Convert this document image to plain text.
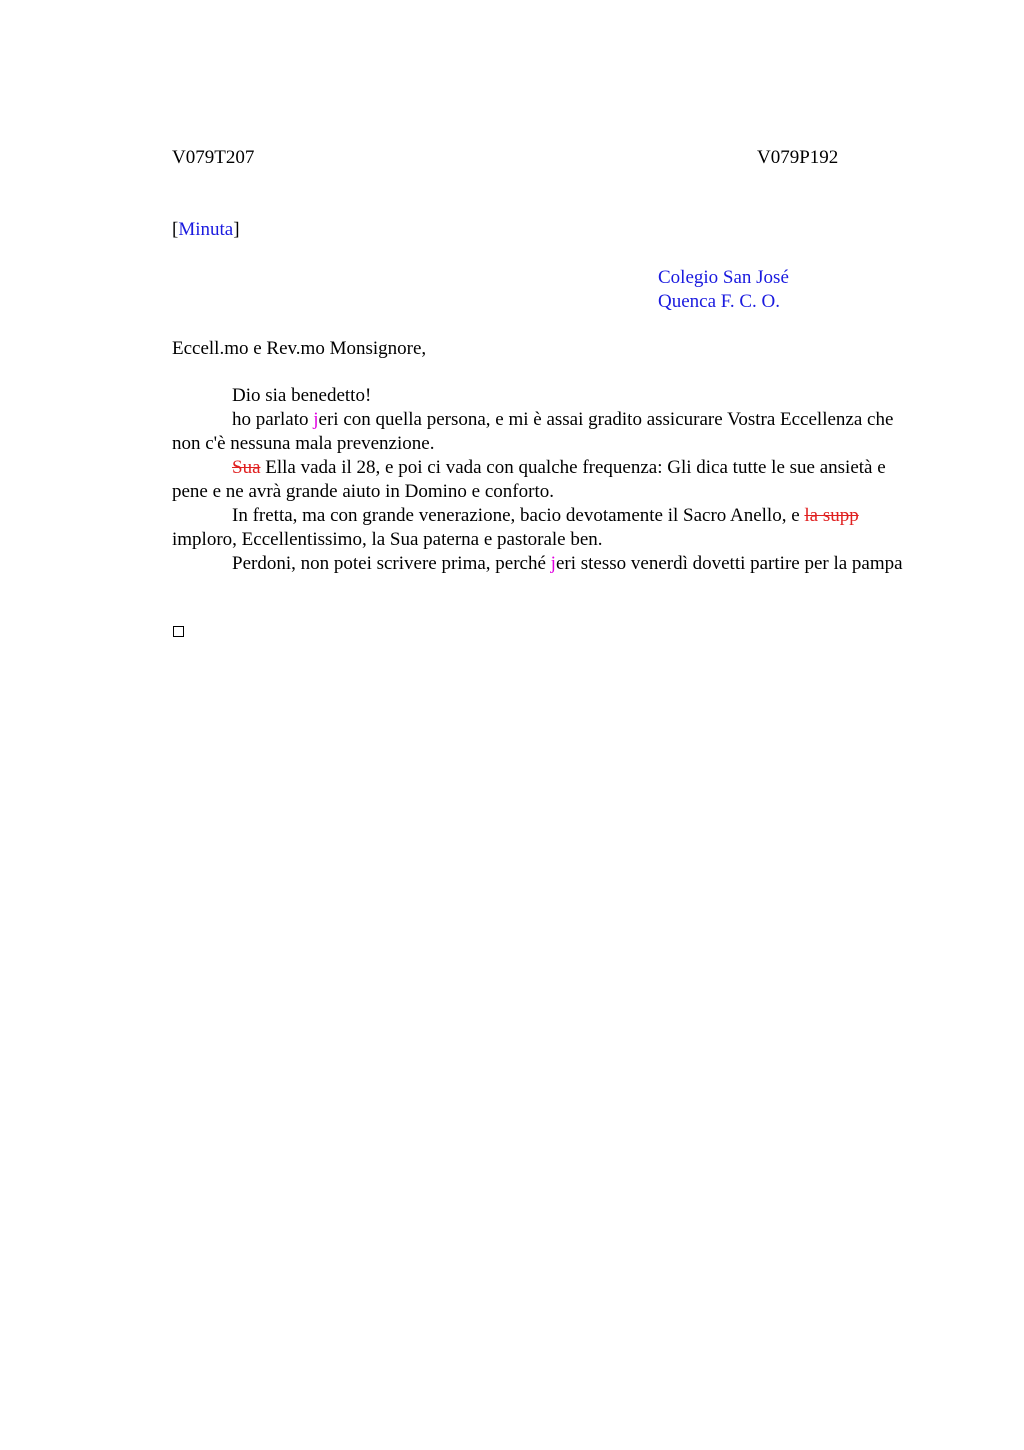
V079T207	V079P192
[Minuta]
Colegio San José
Quenca F. C. O.
Eccell.mo e Rev.mo Monsignore,

Dio sia benedetto!

ho parlato jeri con quella persona, e mi è assai gradito assicurare Vostra Eccellenza che non c'è nessuna mala prevenzione.

Sua Ella vada il 28, e poi ci vada con qualche frequenza: Gli dica tutte le sue ansietà e pene e ne avrà grande aiuto in Domino e conforto.

In fretta, ma con grande venerazione, bacio devotamente il Sacro Anello, e la supp imploro, Eccellentissimo, la Sua paterna e pastorale ben.

Perdoni, non potei scrivere prima, perché jeri stesso venerdì dovetti partire per la pampa
